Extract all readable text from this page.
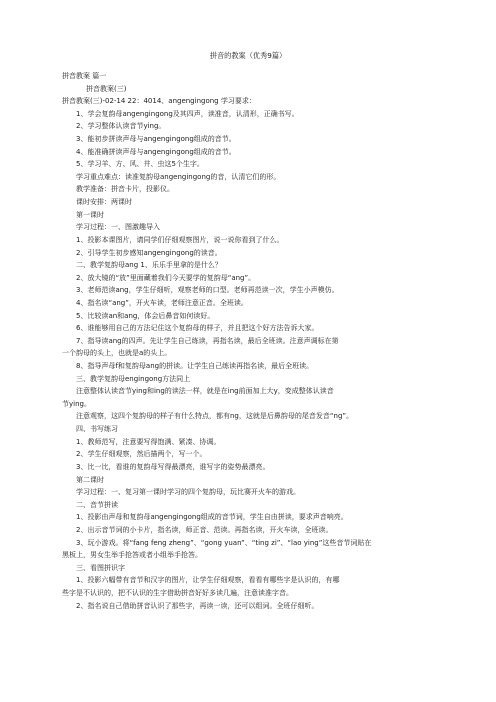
拼音的教案（优秀9篇）
拼音教案 篇一
拼音教案(三)
拼音教案(三)-02-14 22：4014、angengingong 学习要求：
1、学会复韵母angengingong及其四声，读准音，认清形，正确书写。
2、学习整体认读音节ying。
3、能初步拼读声母与angengingong组成的音节。
4、能准确拼读声母与angengingong组成的音节。
5、学习羊、方、风、井、虫这5个生字。
学习重点难点：读准复韵母angengingong的音，认清它们的形。
教学准备：拼音卡片，投影仪。
课时安排：两课时
第一课时
学习过程：一、图激趣导入
1、投影本课图片，请同学们仔细观察图片，说一说你看到了什么。
2、引导学生初步感知angengingong的读音。
二、教学复韵母ang 1、乐乐手里拿的是什么？
2、放大镜的“放”里面藏着我们今天要学的复韵母“ang”。
3、老师范读ang，学生仔细听，观察老师的口型。老师再范读一次，学生小声模仿。
4、指名读“ang”，开火车读，老师注意正音。全班读。
5、比较读an和ang，体会后鼻音如何读好。
6、谁能够用自己的方法记住这个复韵母的样子，并且把这个好方法告诉大家。
7、指导读ang的四声。先让学生自己练读，再指名读，最后全班读。注意声调标在第
一个韵母的头上，也就是a的头上。
8、指导声母f和复韵母ang的拼读。让学生自己练读再指名读，最后全班读。
三、教学复韵母engingong方法同上
注意整体认读音节ying和ing的读法一样，就是在ing前面加上大y，变成整体认读音
节ying。
注意观察，这四个复韵母的样子有什么特点，都有ng，这就是后鼻韵母的尾音发音“ng”。
四、书写练习
1、教师范写，注意要写得饱满、紧凑、协调。
2、学生仔细观察，然后描两个，写一个。
3、比一比，看谁的复韵母写得最漂亮，谁写字的姿势最漂亮。
第二课时
学习过程：一、复习第一课时学习的四个复韵母，玩比赛开火车的游戏。
二、音节拼读
1、投影由声母和复韵母angengingong组成的音节词，学生自由拼读，要求声音响亮。
2、出示音节词的小卡片，指名读，师正音、范读。再指名读，开火车读，全班读。
3、玩小游戏。将“fang feng zheng”、“gong yuan”、“ting zi”、“lao ying”这些音节词贴在
黑板上，男女生举手抢答或者小组举手抢答。
三、看图拼识字
1、投影六幅带有音节和汉字的图片，让学生仔细观察，看看有哪些字是认识的，有哪
些字是不认识的，把不认识的生字借助拼音好好多读几遍，注意读准字音。
2、指名说自己借助拼音认识了那些字，再读一读，还可以组词。全班仔细听。
